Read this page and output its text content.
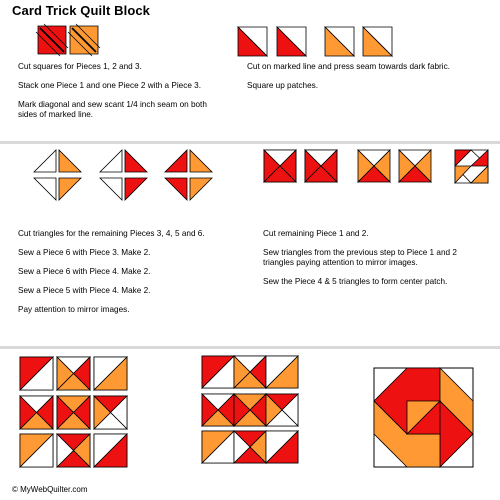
Card Trick Quilt Block

Cut squares for Pieces 1, 2 and 3.

Stack one Piece 1 and one Piece 2 with a Piece 3.

Mark diagonal and sew scant 1/4 inch seam on both sides of marked line.

Cut on marked line and press seam towards dark fabric.

Square up patches.

Cut triangles for the remaining Pieces 3, 4, 5 and 6.

Sew a Piece 6 with Piece 3. Make 2.

Sew a Piece 6 with Piece 4. Make 2.

Sew a Piece 5 with Piece 4. Make 2.

Pay attention to mirror images.

Cut remaining Piece 1 and 2.

Sew triangles from the previous step to Piece 1 and 2 triangles paying attention to mirror images.

Sew the Piece 4 & 5 triangles to form center patch.

© MyWebQuilter.com
